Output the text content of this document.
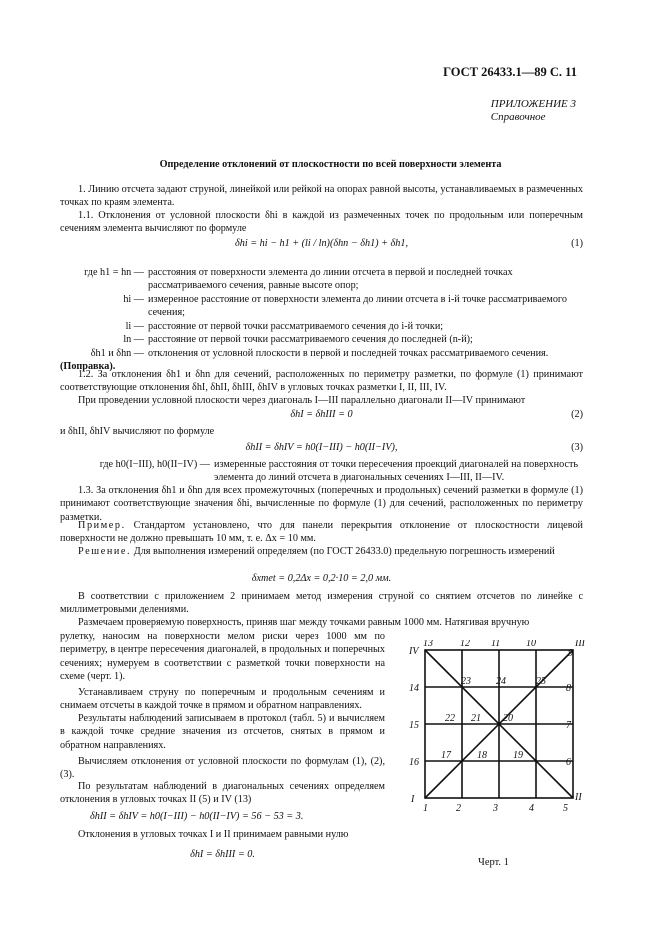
ГОСТ 26433.1—89 С. 11
ПРИЛОЖЕНИЕ 3
Справочное
Определение отклонений от плоскостности по всей поверхности элемента
1. Линию отсчета задают струной, линейкой или рейкой на опорах равной высоты, устанавливаемых в размеченных точках по краям элемента.
1.1. Отклонения от условной плоскости δhi в каждой из размеченных точек по продольным или поперечным сечениям элемента вычисляют по формуле
δhi = hi − h1 + (li / ln)(δhn − δh1) + δh1,	(1)
где h1 = hn — расстояния от поверхности элемента до линии отсчета в первой и последней точках рассматриваемого сечения, равные высоте опор;
hi — измеренное расстояние от поверхности элемента до линии отсчета в i-й точке рассматриваемого сечения;
li — расстояние от первой точки рассматриваемого сечения до i-й точки;
ln — расстояние от первой точки рассматриваемого сечения до последней (n-й);
δh1 и δhn — отклонения от условной плоскости в первой и последней точках рассматриваемого сечения.
(Поправка).
1.2. За отклонения δh1 и δhn для сечений, расположенных по периметру разметки, по формуле (1) принимают соответствующие отклонения δhI, δhII, δhIII, δhIV в угловых точках разметки I, II, III, IV.
При проведении условной плоскости через диагональ I—III параллельно диагонали II—IV принимают
δhI = δhIII = 0	(2)
и δhII, δhIV вычисляют по формуле
δhII = δhIV = h0(I−III) − h0(II−IV),	(3)
где h0(I−III), h0(II−IV) — измеренные расстояния от точки пересечения проекций диагоналей на поверхность элемента до линий отсчета в диагональных сечениях I—III, II—IV.
1.3. За отклонения δh1 и δhn для всех промежуточных (поперечных и продольных) сечений разметки в формуле (1) принимают соответствующие значения δhi, вычисленные по формуле (1) для сечений, расположенных по периметру разметки.
Пример. Стандартом установлено, что для панели перекрытия отклонение от плоскостности лицевой поверхности не должно превышать 10 мм, т. е. Δx = 10 мм.
Решение. Для выполнения измерений определяем (по ГОСТ 26433.0) предельную погрешность измерений
δxmet = 0,2Δx = 0,2·10 = 2,0 мм.
В соответствии с приложением 2 принимаем метод измерения струной со снятием отсчетов по линейке с миллиметровыми делениями.
Размечаем проверяемую поверхность, приняв шаг между точками равным 1000 мм. Натягивая вручную
рулетку, наносим на поверхности мелом риски через 1000 мм по периметру, в центре пересечения диагоналей, в продольных и поперечных сечениях; нумеруем в соответствии с разметкой точки поверхности на схеме (черт. 1).
Устанавливаем струну по поперечным и продольным сечениям и снимаем отсчеты в каждой точке в прямом и обратном направлениях.
Результаты наблюдений записываем в протокол (табл. 5) и вычисляем в каждой точке средние значения из отсчетов, снятых в прямом и обратном направлениях.
Вычисляем отклонения от условной плоскости по формулам (1), (2), (3).
По результатам наблюдений в диагональных сечениях определяем отклонения в угловых точках II (5) и IV (13)
δhII = δhIV = h0(I−III) − h0(II−IV) = 56 − 53 = 3.
Отклонения в угловых точках I и II принимаем равными нулю
δhI = δhIII = 0.
IV
III
I	II
13	12 11	10
9
1	2	3	4	5
14
15
16
8
7
6
23	24	25
22 21 20
17	18	19
Черт. 1
